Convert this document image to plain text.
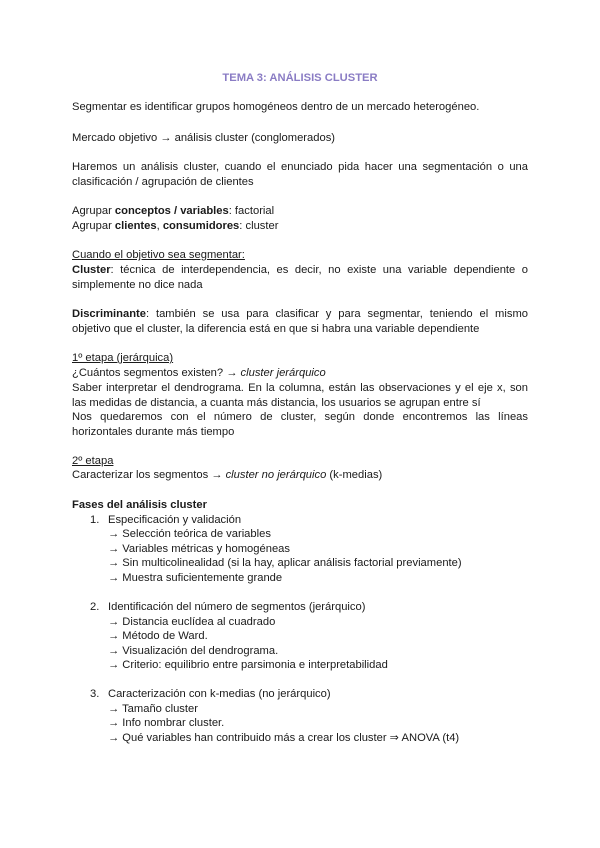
TEMA 3: ANÁLISIS CLUSTER
Segmentar es identificar grupos homogéneos dentro de un mercado heterogéneo.
Mercado objetivo → análisis cluster (conglomerados)
Haremos un análisis cluster, cuando el enunciado pida hacer una segmentación o una clasificación / agrupación de clientes
Agrupar conceptos / variables: factorial
Agrupar clientes, consumidores: cluster
Cuando el objetivo sea segmentar:
Cluster: técnica de interdependencia, es decir, no existe una variable dependiente o simplemente no dice nada
Discriminante: también se usa para clasificar y para segmentar, teniendo el mismo objetivo que el cluster, la diferencia está en que si habra una variable dependiente
1º etapa (jerárquica)
¿Cuántos segmentos existen? → cluster jerárquico
Saber interpretar el dendrograma. En la columna, están las observaciones y el eje x, son las medidas de distancia, a cuanta más distancia, los usuarios se agrupan entre sí
Nos quedaremos con el número de cluster, según donde encontremos las líneas horizontales durante más tiempo
2º etapa
Caracterizar los segmentos → cluster no jerárquico (k-medias)
Fases del análisis cluster
1. Especificación y validación
→ Selección teórica de variables
→ Variables métricas y homogéneas
→ Sin multicolinealidad (si la hay, aplicar análisis factorial previamente)
→ Muestra suficientemente grande
2. Identificación del número de segmentos (jerárquico)
→ Distancia euclídea al cuadrado
→ Método de Ward.
→ Visualización del dendrograma.
→ Criterio: equilibrio entre parsimonia e interpretabilidad
3. Caracterización con k-medias (no jerárquico)
→ Tamaño cluster
→ Info nombrar cluster.
→ Qué variables han contribuido más a crear los cluster ⇒ ANOVA (t4)
